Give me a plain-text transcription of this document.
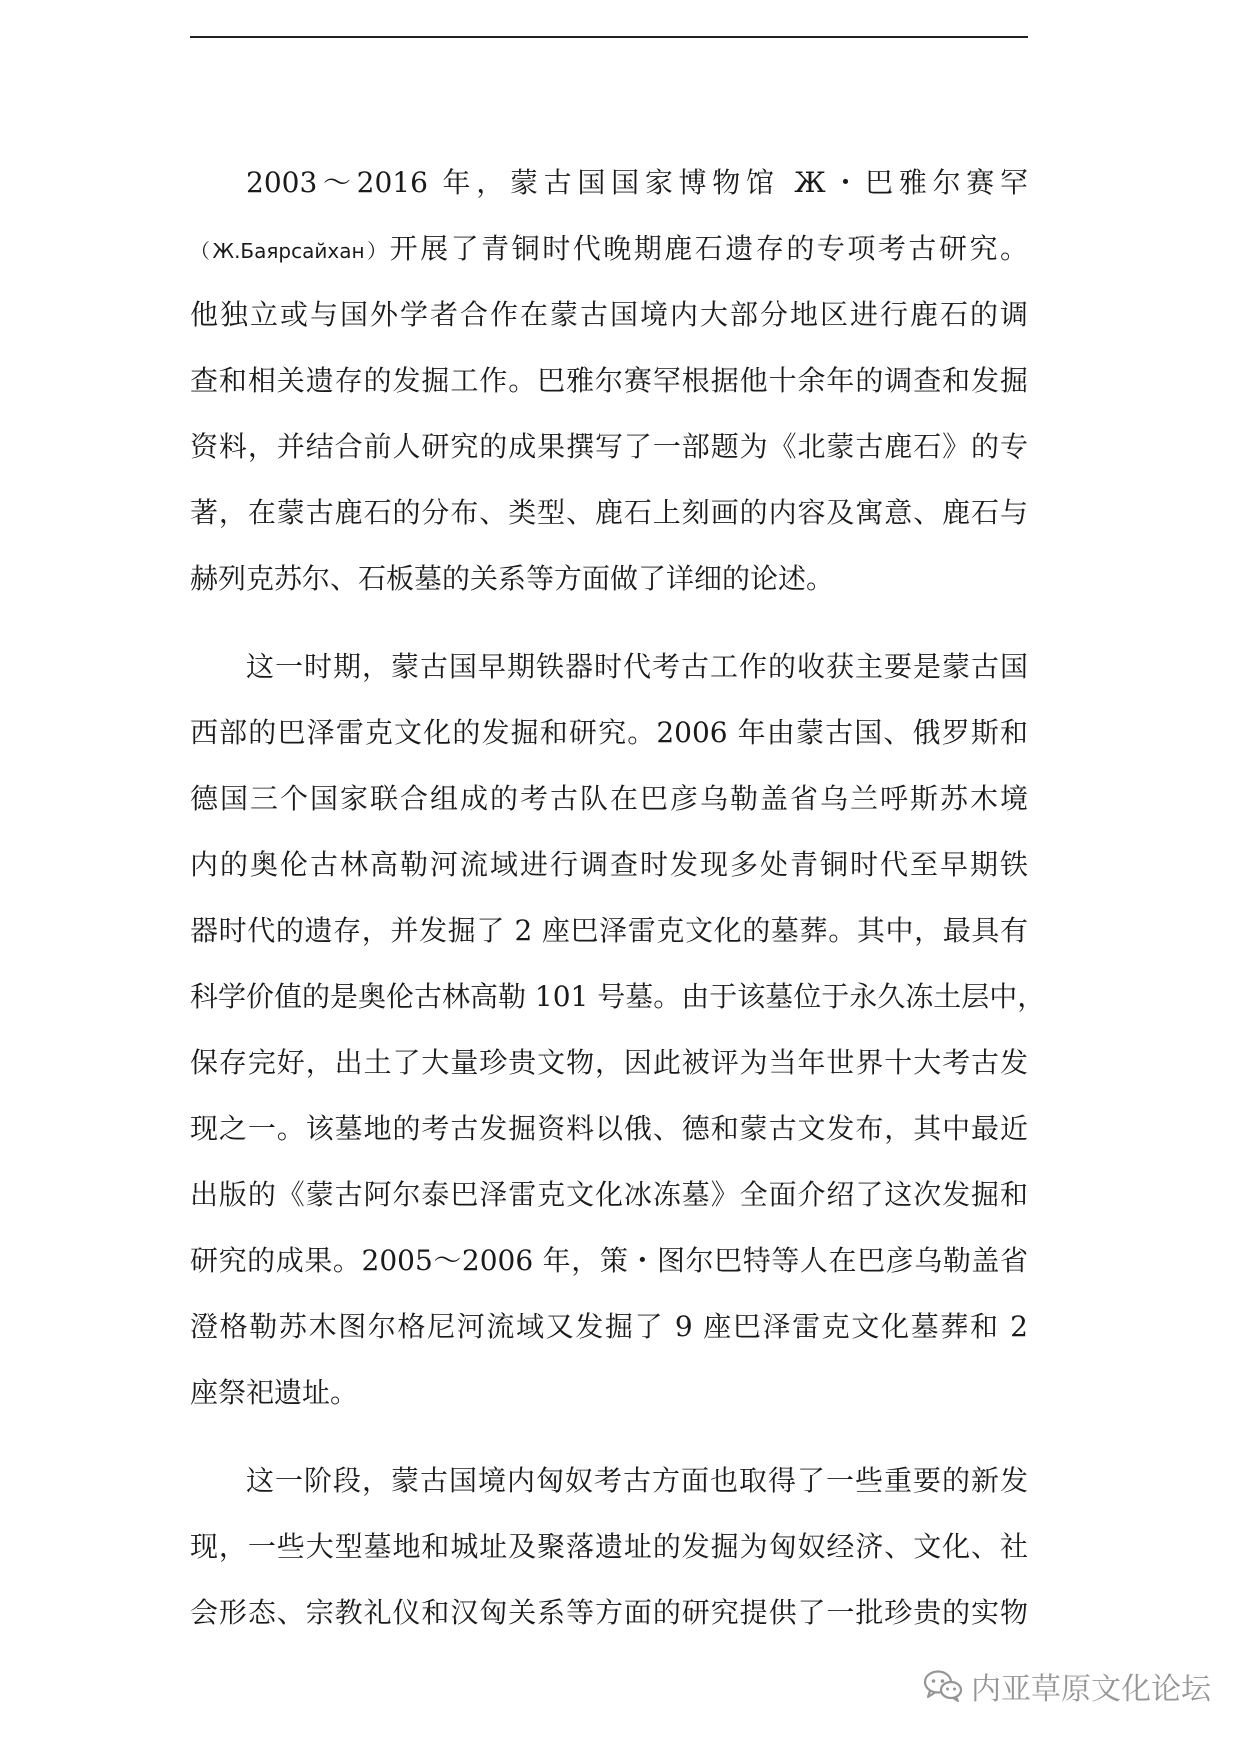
2003～2016 年，蒙古国国家博物馆 Ж・巴雅尔赛罕
（Ж.Баярсайхан）开展了青铜时代晚期鹿石遗存的专项考古研究。
他独立或与国外学者合作在蒙古国境内大部分地区进行鹿石的调
查和相关遗存的发掘工作。巴雅尔赛罕根据他十余年的调查和发掘
资料，并结合前人研究的成果撰写了一部题为《北蒙古鹿石》的专
著，在蒙古鹿石的分布、类型、鹿石上刻画的内容及寓意、鹿石与
赫列克苏尔、石板墓的关系等方面做了详细的论述。

这一时期，蒙古国早期铁器时代考古工作的收获主要是蒙古国
西部的巴泽雷克文化的发掘和研究。2006 年由蒙古国、俄罗斯和
德国三个国家联合组成的考古队在巴彦乌勒盖省乌兰呼斯苏木境
内的奥伦古林高勒河流域进行调查时发现多处青铜时代至早期铁
器时代的遗存，并发掘了 2 座巴泽雷克文化的墓葬。其中，最具有
科学价值的是奥伦古林高勒 101 号墓。由于该墓位于永久冻土层中，
保存完好，出土了大量珍贵文物，因此被评为当年世界十大考古发
现之一。该墓地的考古发掘资料以俄、德和蒙古文发布，其中最近
出版的《蒙古阿尔泰巴泽雷克文化冰冻墓》全面介绍了这次发掘和
研究的成果。2005～2006 年，策・图尔巴特等人在巴彦乌勒盖省
澄格勒苏木图尔格尼河流域又发掘了 9 座巴泽雷克文化墓葬和 2
座祭祀遗址。

这一阶段，蒙古国境内匈奴考古方面也取得了一些重要的新发
现，一些大型墓地和城址及聚落遗址的发掘为匈奴经济、文化、社
会形态、宗教礼仪和汉匈关系等方面的研究提供了一批珍贵的实物

内亚草原文化论坛
